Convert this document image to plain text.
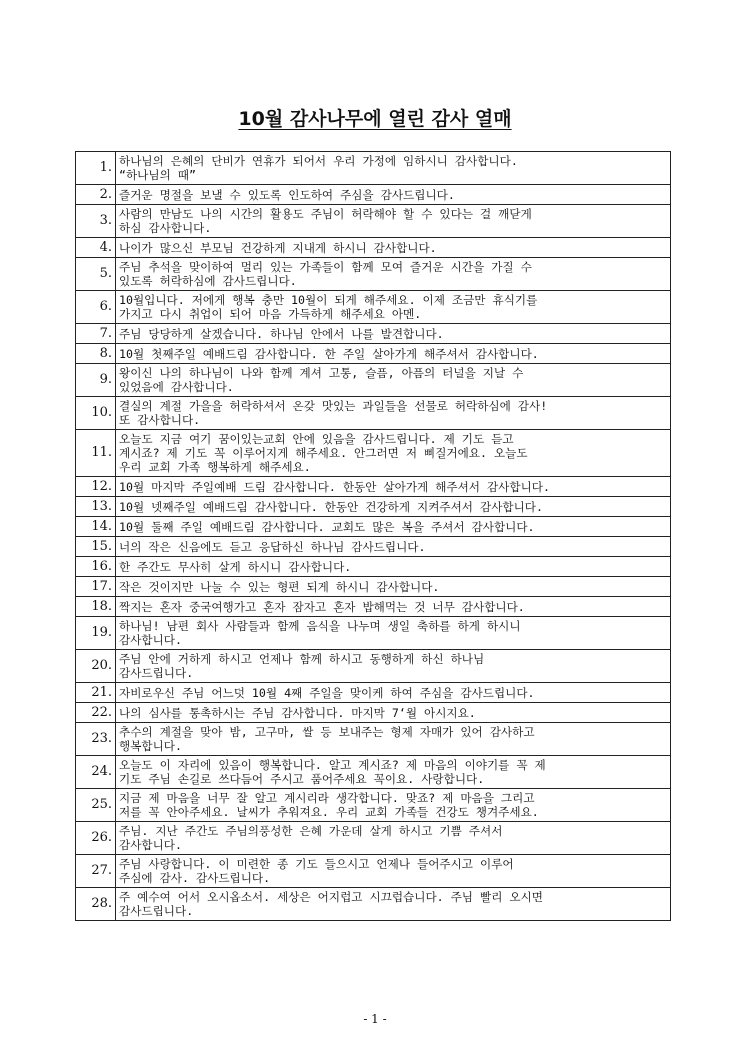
10월 감사나무에 열린 감사 열매
1.	하나님의 은혜의 단비가 연휴가 되어서 우리 가정에 임하시니 감사합니다.
“하나님의 때”
2.	즐거운 명절을 보낼 수 있도록 인도하여 주심을 감사드립니다.
3.	사람의 만남도 나의 시간의 활용도 주님이 허락해야 할 수 있다는 걸 깨닫게
하심 감사합니다.
4.	나이가 많으신 부모님 건강하게 지내게 하시니 감사합니다.
5.	주님 추석을 맞이하여 멀리 있는 가족들이 함께 모여 즐거운 시간을 가질 수
있도록 허락하심에 감사드립니다.
6.	10월입니다. 저에게 행복 충만 10월이 되게 해주세요. 이제 조금만 휴식기를
가지고 다시 취업이 되어 마음 가득하게 해주세요 아멘.
7.	주님 당당하게 살겠습니다. 하나님 안에서 나를 발견합니다.
8.	10월 첫째주일 예배드림 감사합니다. 한 주일 살아가게 해주셔서 감사합니다.
9.	왕이신 나의 하나님이 나와 함께 계셔 고통, 슬픔, 아픔의 터널을 지날 수
있었음에 감사합니다.
10.	결실의 계절 가을을 허락하셔서 온갖 맛있는 과일들을 선물로 허락하심에 감사!
또 감사합니다.
11.	오늘도 지금 여기 꿈이있는교회 안에 있음을 감사드립니다. 제 기도 듣고
계시죠? 제 기도 꼭 이루어지게 해주세요. 안그러면 저 삐질거에요. 오늘도
우리 교회 가족 행복하게 해주세요.
12.	10월 마지막 주일예배 드림 감사합니다. 한동안 살아가게 해주셔서 감사합니다.
13.	10월 넷째주일 예배드림 감사합니다. 한동안 건강하게 지켜주셔서 감사합니다.
14.	10월 둘째 주일 예배드림 감사합니다. 교회도 많은 복을 주셔서 감사합니다.
15.	너의 작은 신음에도 듣고 응답하신 하나님 감사드립니다.
16.	한 주간도 무사히 살게 하시니 감사합니다.
17.	작은 것이지만 나눌 수 있는 형편 되게 하시니 감사합니다.
18.	짝지는 혼자 중국여행가고 혼자 잠자고 혼자 밥해먹는 것 너무 감사합니다.
19.	하나님! 남편 회사 사람들과 함께 음식을 나누며 생일 축하를 하게 하시니
감사합니다.
20.	주님 안에 거하게 하시고 언제나 함께 하시고 동행하게 하신 하나님
감사드립니다.
21.	자비로우신 주님 어느덧 10월 4째 주일을 맞이케 하여 주심을 감사드립니다.
22.	나의 심사를 통촉하시는 주님 감사합니다. 마지막 7‘월 아시지요.
23.	추수의 계절을 맞아 밤, 고구마, 쌀 등 보내주는 형제 자매가 있어 감사하고
행복합니다.
24.	오늘도 이 자리에 있음이 행복합니다. 알고 계시죠? 제 마음의 이야기를 꼭 제
기도 주님 손길로 쓰다듬어 주시고 품어주세요 꼭이요. 사랑합니다.
25.	지금 제 마음을 너무 잘 알고 계시리라 생각합니다. 맞죠? 제 마음을 그리고
저를 꼭 안아주세요. 날씨가 추워져요. 우리 교회 가족들 건강도 챙겨주세요.
26.	주님. 지난 주간도 주님의풍성한 은혜 가운데 살게 하시고 기쁨 주셔서
감사합니다.
27.	주님 사랑합니다. 이 미련한 종 기도 들으시고 언제나 들어주시고 이루어
주심에 감사. 감사드립니다.
28.	주 예수여 어서 오시옵소서. 세상은 어지럽고 시끄럽습니다. 주님 빨리 오시면
감사드립니다.
- 1 -
